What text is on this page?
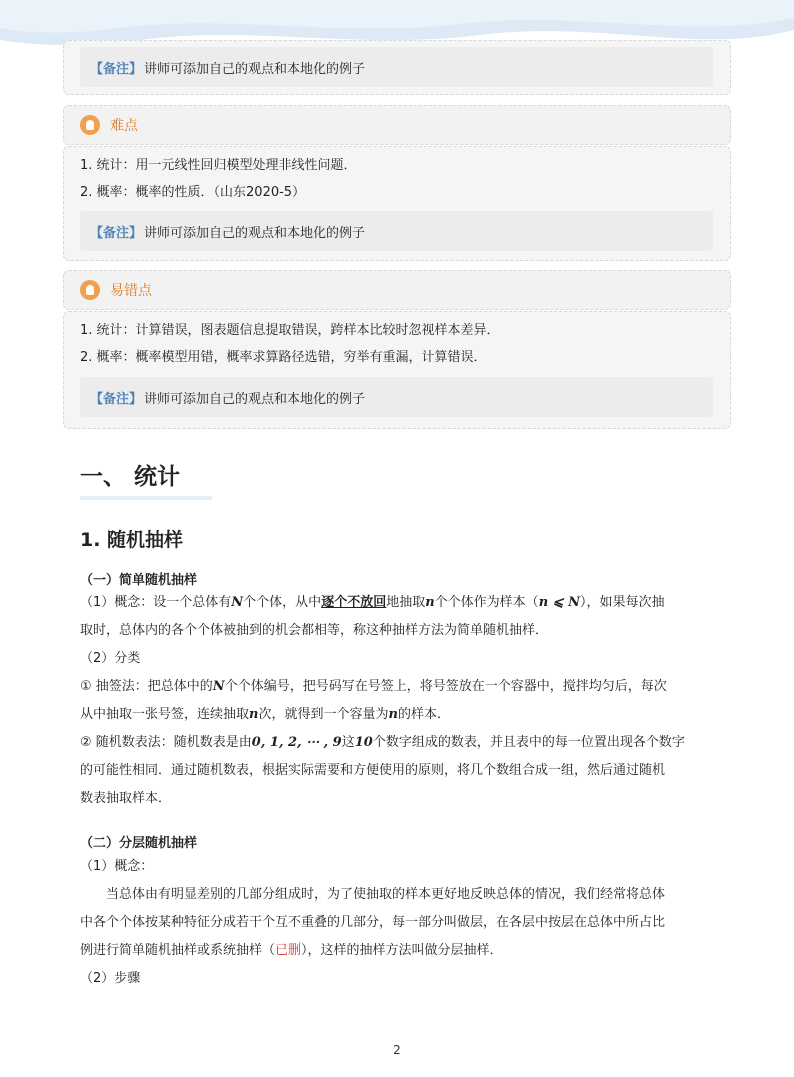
【备注】 讲师可添加自己的观点和本地化的例子
难点
1. 统计：用一元线性回归模型处理非线性问题．
2. 概率：概率的性质．（山东2020-5）
【备注】 讲师可添加自己的观点和本地化的例子
易错点
1. 统计：计算错误，图表题信息提取错误，跨样本比较时忽视样本差异．
2. 概率：概率模型用错，概率求算路径选错，穷举有重漏，计算错误．
【备注】 讲师可添加自己的观点和本地化的例子
一、 统计
1. 随机抽样
（一）简单随机抽样
（1）概念：设一个总体有N个个体，从中逐个不放回地抽取n个个体作为样本（n ⩽ N），如果每次抽
取时，总体内的各个个体被抽到的机会都相等，称这种抽样方法为简单随机抽样．
（2）分类
① 抽签法：把总体中的N个个体编号，把号码写在号签上，将号签放在一个容器中，搅拌均匀后，每次
从中抽取一张号签，连续抽取n次，就得到一个容量为n的样本．
② 随机数表法：随机数表是由0, 1, 2, ⋯ , 9这10个数字组成的数表，并且表中的每一位置出现各个数字
的可能性相同．通过随机数表，根据实际需要和方便使用的原则，将几个数组合成一组，然后通过随机
数表抽取样本．
（二）分层随机抽样
（1）概念：
当总体由有明显差别的几部分组成时，为了使抽取的样本更好地反映总体的情况，我们经常将总体
中各个个体按某种特征分成若干个互不重叠的几部分，每一部分叫做层，在各层中按层在总体中所占比
例进行简单随机抽样或系统抽样（已删），这样的抽样方法叫做分层抽样．
（2）步骤
2
